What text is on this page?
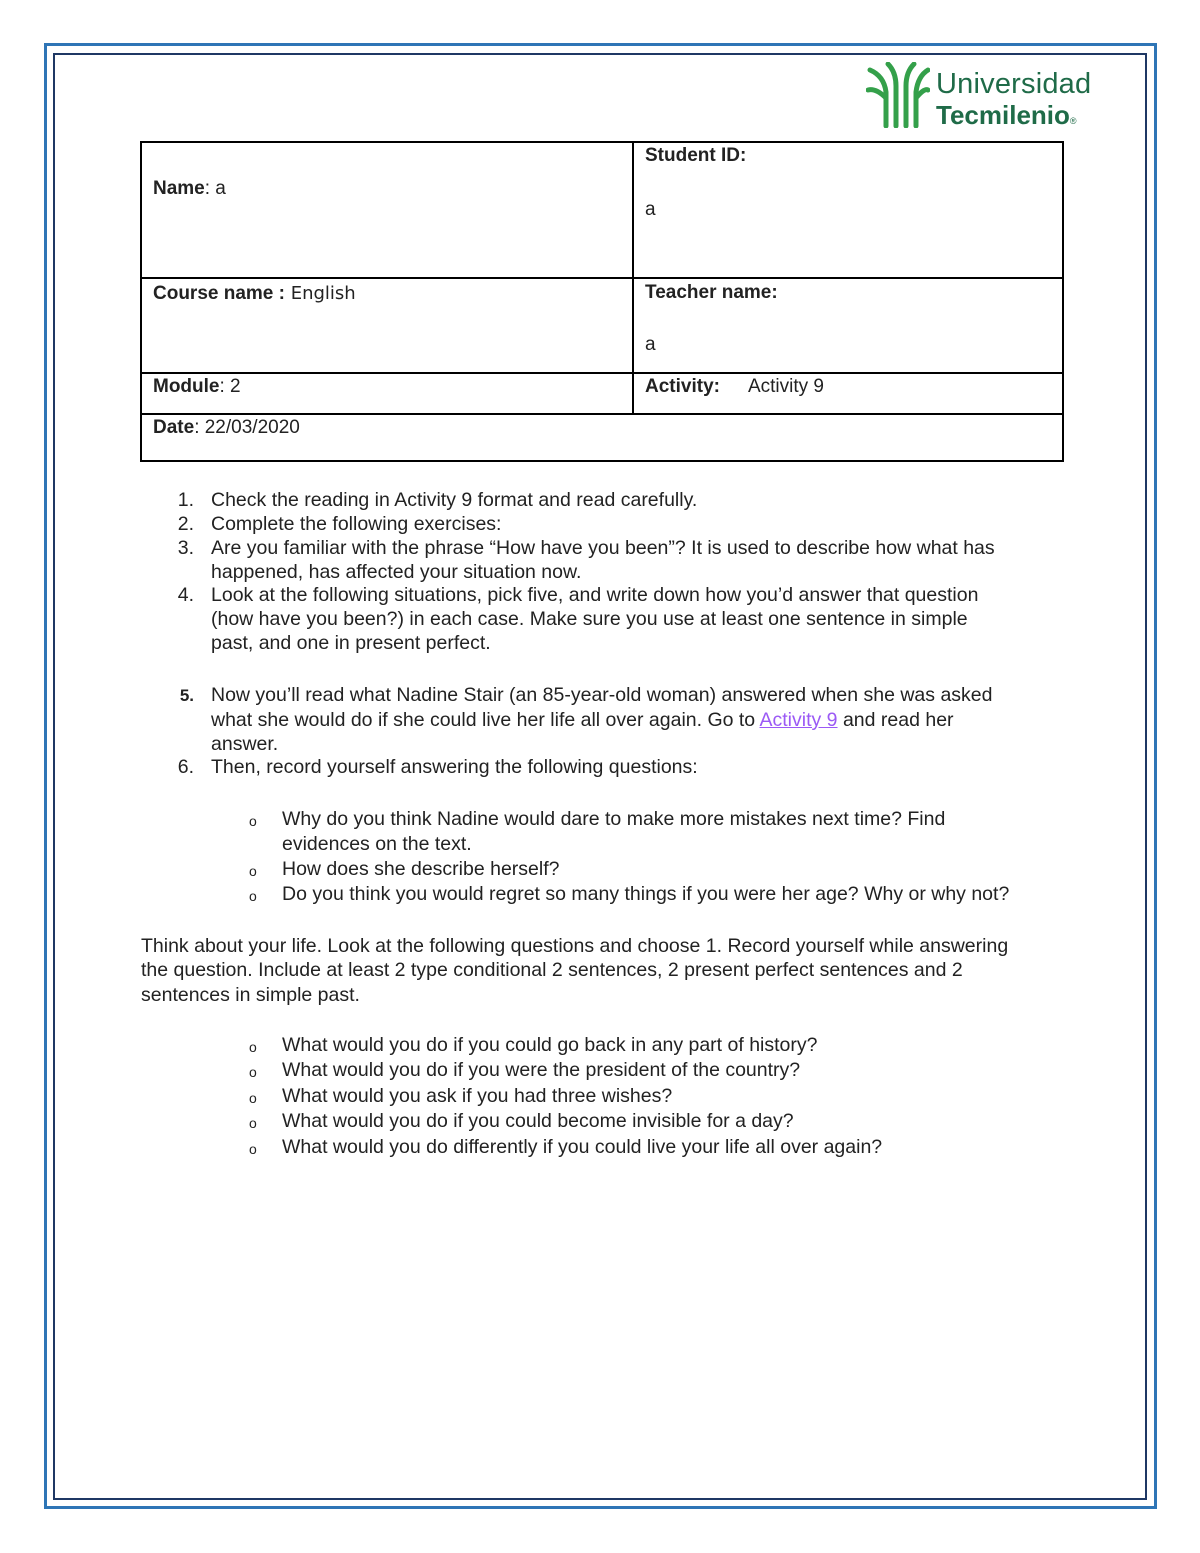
Universidad
Tecmilenio®
Name: a
Student ID:
a
Course name : English	Teacher name:
a
Module: 2	Activity: Activity 9
Date: 22/03/2020
1. Check the reading in Activity 9 format and read carefully.
2. Complete the following exercises:
3. Are you familiar with the phrase “How have you been”? It is used to describe how what has
happened, has affected your situation now.
4. Look at the following situations, pick five, and write down how you’d answer that question
(how have you been?) in each case. Make sure you use at least one sentence in simple
past, and one in present perfect.
5. Now you’ll read what Nadine Stair (an 85-year-old woman) answered when she was asked
what she would do if she could live her life all over again. Go to Activity 9 and read her
answer.
6. Then, record yourself answering the following questions:
o Why do you think Nadine would dare to make more mistakes next time? Find
evidences on the text.
o How does she describe herself?
o Do you think you would regret so many things if you were her age? Why or why not?
Think about your life. Look at the following questions and choose 1. Record yourself while answering
the question. Include at least 2 type conditional 2 sentences, 2 present perfect sentences and 2
sentences in simple past.
o What would you do if you could go back in any part of history?
o What would you do if you were the president of the country?
o What would you ask if you had three wishes?
o What would you do if you could become invisible for a day?
o What would you do differently if you could live your life all over again?
